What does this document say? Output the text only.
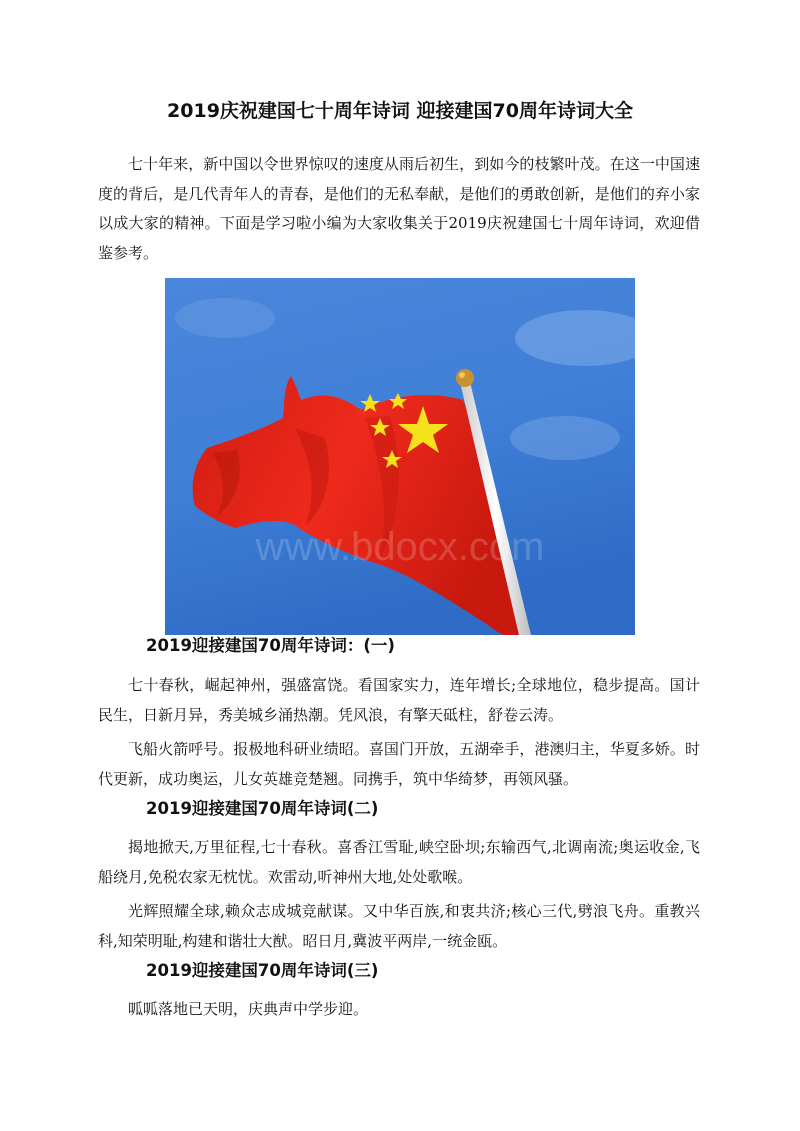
2019庆祝建国七十周年诗词 迎接建国70周年诗词大全

七十年来，新中国以令世界惊叹的速度从雨后初生，到如今的枝繁叶茂。在这一中国速度的背后，是几代青年人的青春，是他们的无私奉献，是他们的勇敢创新，是他们的弃小家以成大家的精神。下面是学习啦小编为大家收集关于2019庆祝建国七十周年诗词，欢迎借鉴参考。

www.bdocx.com
2019迎接建国70周年诗词：(一)

七十春秋，崛起神州，强盛富饶。看国家实力，连年增长;全球地位，稳步提高。国计民生，日新月异，秀美城乡涌热潮。凭风浪，有擎天砥柱，舒卷云涛。

飞船火箭呼号。报极地科研业绩昭。喜国门开放，五湖牵手，港澳归主，华夏多娇。时代更新，成功奥运，儿女英雄竞楚翘。同携手，筑中华绮梦，再领风骚。

2019迎接建国70周年诗词(二)

揭地掀天,万里征程,七十春秋。喜香江雪耻,峡空卧坝;东输西气,北调南流;奥运收金,飞船绕月,免税农家无枕忧。欢雷动,听神州大地,处处歌喉。

光辉照耀全球,赖众志成城竞献谋。又中华百族,和衷共济;核心三代,劈浪飞舟。重教兴科,知荣明耻,构建和谐壮大猷。昭日月,冀波平两岸,一统金瓯。

2019迎接建国70周年诗词(三)

呱呱落地已天明，庆典声中学步迎。
